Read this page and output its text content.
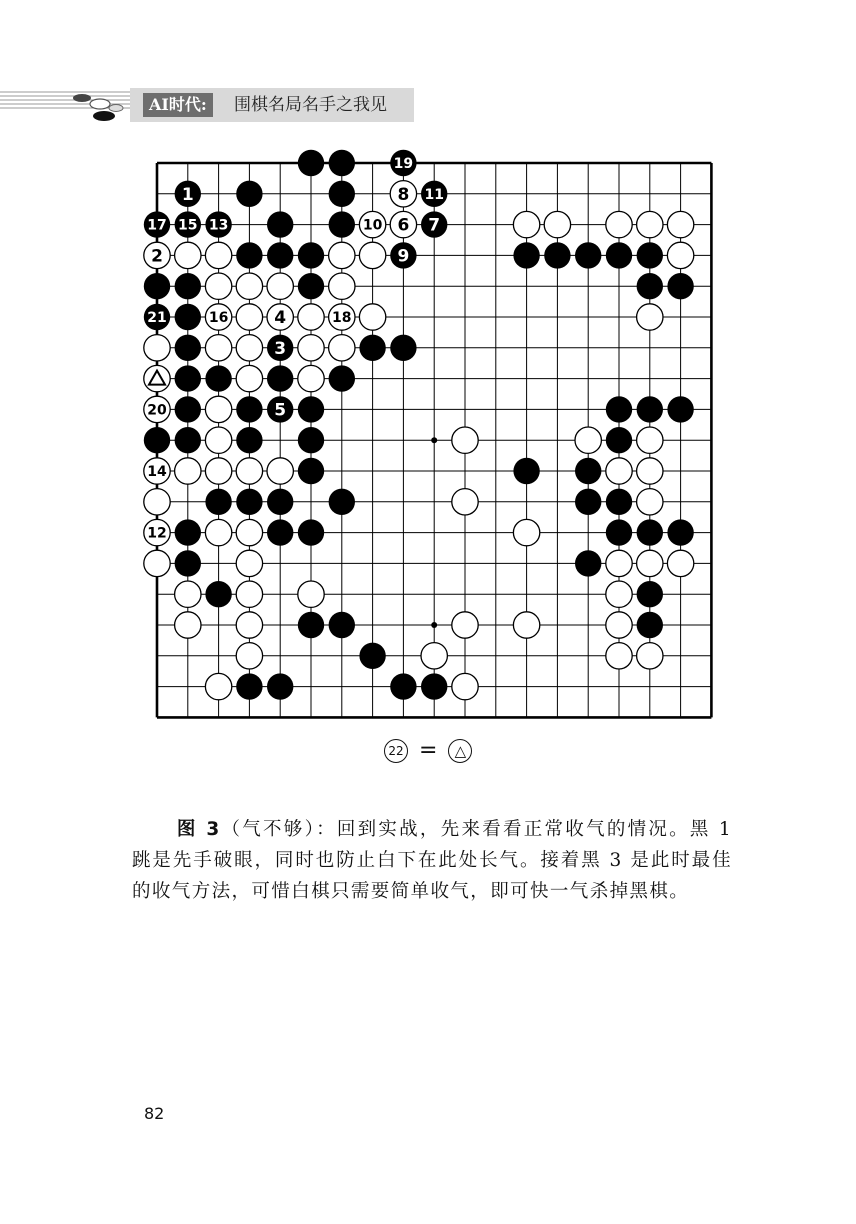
AI时代:	围棋名局名手之我见
1
3
5
7
9
11
13
15
17
19
21
2
4
6
8
10
12
14
16	18
20
22 = △
图 3（气不够）：回到实战，先来看看正常收气的情况。黑 1 跳是先手破眼，同时也防止白下在此处长气。接着黑 3 是此时最佳的收气方法，可惜白棋只需要简单收气，即可快一气杀掉黑棋。
82
